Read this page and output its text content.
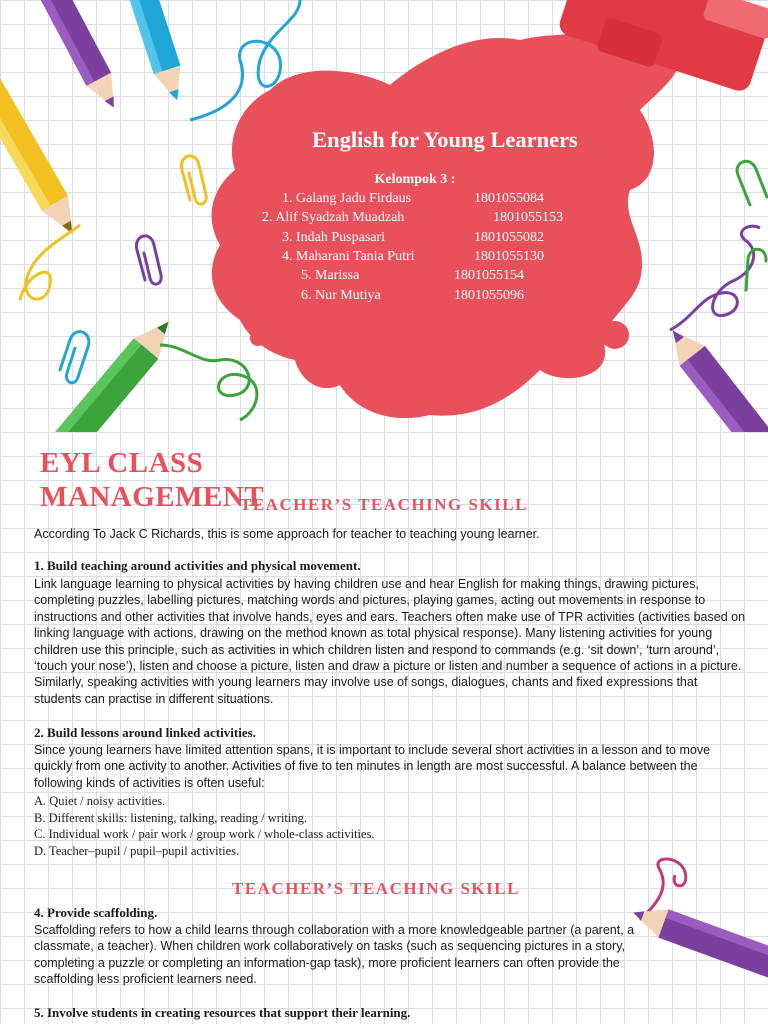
English for Young Learners
Kelompok 3 :
1. Galang Jadu Firdaus	1801055084
2. Alif Syadzah Muadzah	1801055153
3. Indah Puspasari	1801055082
4. Maharani Tania Putri	1801055130
5. Marissa	1801055154
6. Nur Mutiya	1801055096
EYL CLASS
MANAGEMENT
TEACHER’S TEACHING SKILL
According To Jack C Richards, this is some approach for teacher to teaching young learner.
1. Build teaching around activities and physical movement.
Link language learning to physical activities by having children use and hear English for making things, drawing pictures,
completing puzzles, labelling pictures, matching words and pictures, playing games, acting out movements in response to
instructions and other activities that involve hands, eyes and ears. Teachers often make use of TPR activities (activities based on
linking language with actions, drawing on the method known as total physical response). Many listening activities for young
children use this principle, such as activities in which children listen and respond to commands (e.g. ‘sit down’, ‘turn around’,
‘touch your nose’), listen and choose a picture, listen and draw a picture or listen and number a sequence of actions in a picture.
Similarly, speaking activities with young learners may involve use of songs, dialogues, chants and fixed expressions that
students can practise in different situations.
2. Build lessons around linked activities.
Since young learners have limited attention spans, it is important to include several short activities in a lesson and to move
quickly from one activity to another. Activities of five to ten minutes in length are most successful. A balance between the
following kinds of activities is often useful:
A. Quiet / noisy activities.
B. Different skills: listening, talking, reading / writing.
C. Individual work / pair work / group work / whole-class activities.
D. Teacher–pupil / pupil–pupil activities.
TEACHER’S TEACHING SKILL
4. Provide scaffolding.
Scaffolding refers to how a child learns through collaboration with a more knowledgeable partner (a parent, a
classmate, a teacher). When children work collaboratively on tasks (such as sequencing pictures in a story,
completing a puzzle or completing an information-gap task), more proficient learners can often provide the
scaffolding less proficient learners need.
5. Involve students in creating resources that support their learning.
